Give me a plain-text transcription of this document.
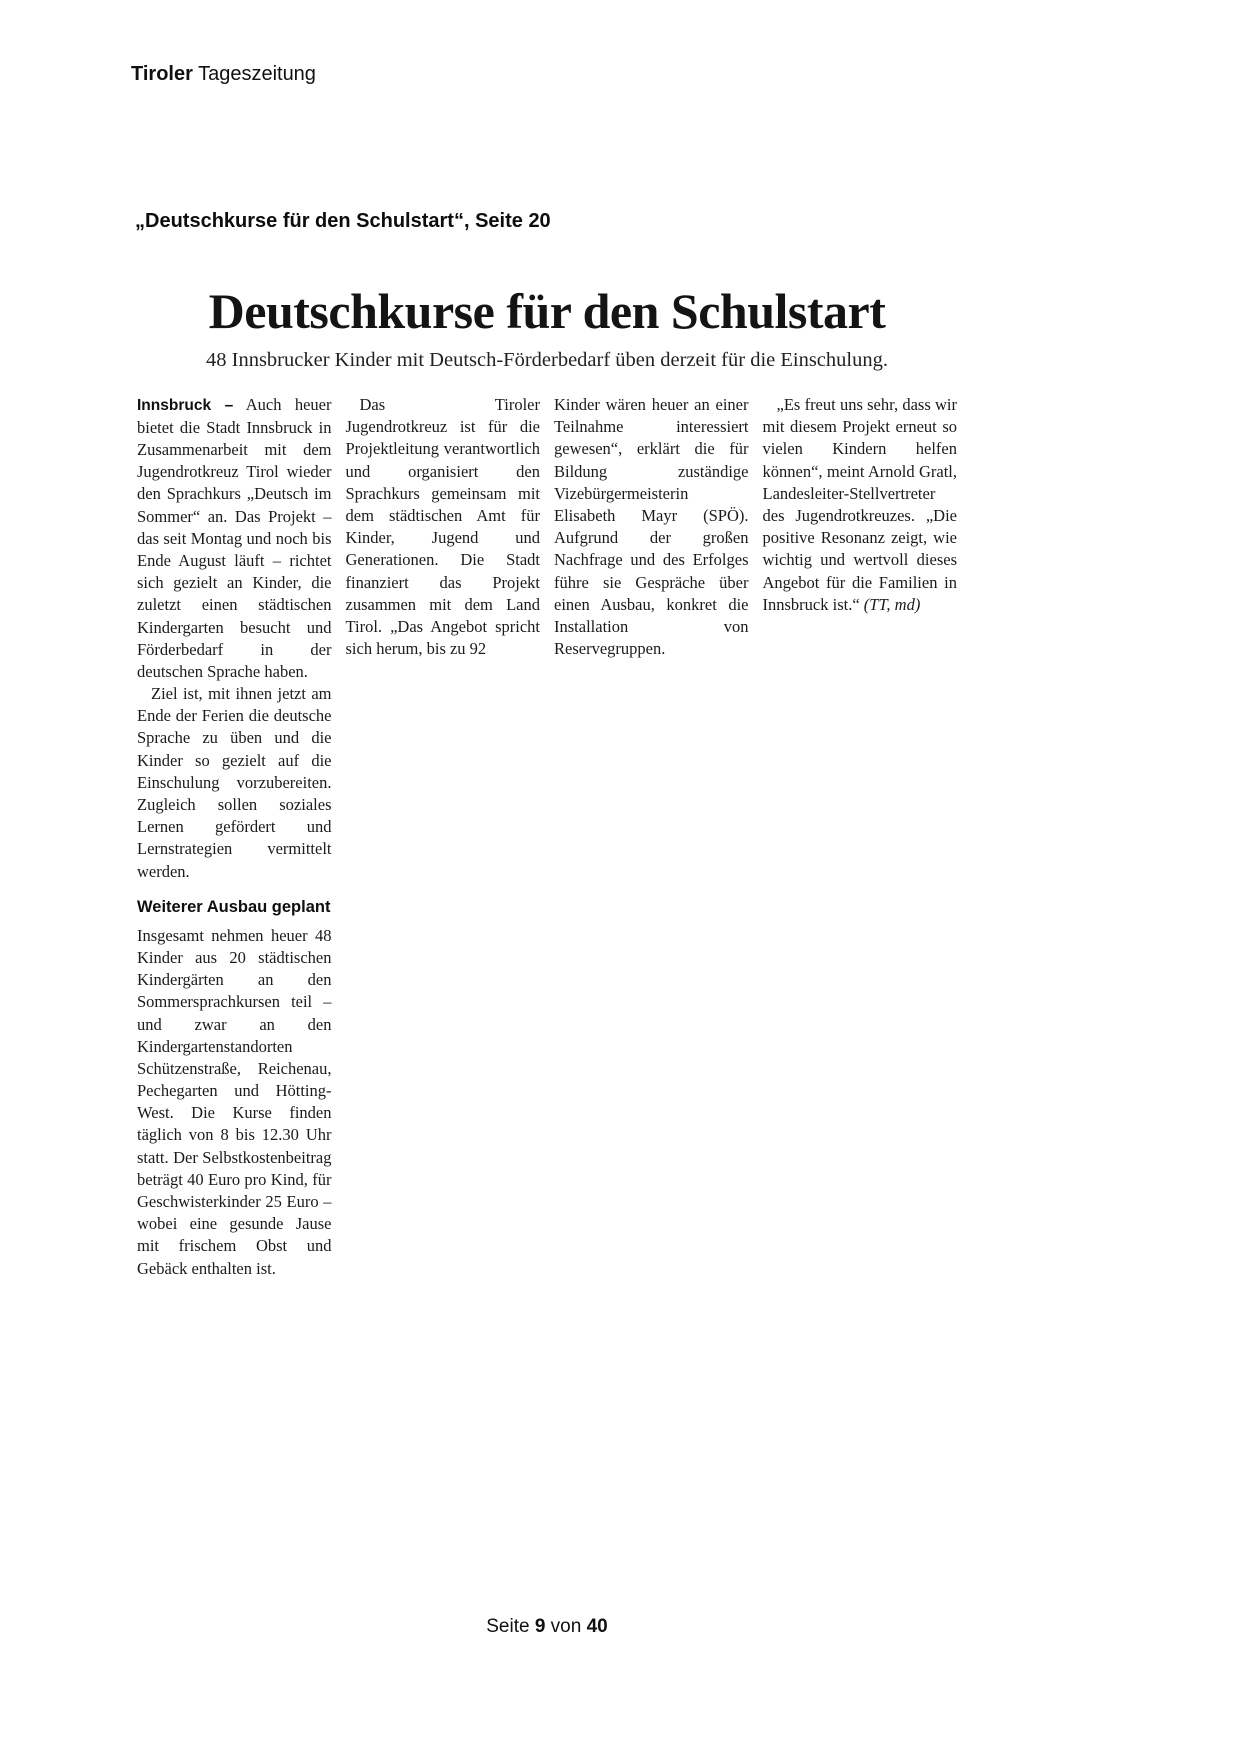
Tiroler Tageszeitung
„Deutschkurse für den Schulstart“, Seite 20
Deutschkurse für den Schulstart
48 Innsbrucker Kinder mit Deutsch-Förderbedarf üben derzeit für die Einschulung.

Innsbruck – Auch heuer bietet die Stadt Innsbruck in Zusammenarbeit mit dem Jugendrotkreuz Tirol wieder den Sprachkurs „Deutsch im Sommer“ an. Das Projekt – das seit Montag und noch bis Ende August läuft – richtet sich gezielt an Kinder, die zuletzt einen städtischen Kindergarten besucht und Förderbedarf in der deutschen Sprache haben.

Ziel ist, mit ihnen jetzt am Ende der Ferien die deutsche Sprache zu üben und die Kinder so gezielt auf die Einschulung vorzubereiten. Zugleich sollen soziales Lernen gefördert und Lernstrategien vermittelt werden.

Weiterer Ausbau geplant

Insgesamt nehmen heuer 48 Kinder aus 20 städtischen Kindergärten an den Sommersprachkursen teil – und zwar an den Kindergartenstandorten Schützenstraße, Reichenau, Pechegarten und Hötting-West. Die Kurse finden täglich von 8 bis 12.30 Uhr statt. Der Selbstkostenbeitrag beträgt 40 Euro pro Kind, für Geschwisterkinder 25 Euro – wobei eine gesunde Jause mit frischem Obst und Gebäck enthalten ist.

Das Tiroler Jugendrotkreuz ist für die Projektleitung verantwortlich und organisiert den Sprachkurs gemeinsam mit dem städtischen Amt für Kinder, Jugend und Generationen. Die Stadt finanziert das Projekt zusammen mit dem Land Tirol. „Das Angebot spricht sich herum, bis zu 92

Kinder wären heuer an einer Teilnahme interessiert gewesen“, erklärt die für Bildung zuständige Vizebürgermeisterin Elisabeth Mayr (SPÖ). Aufgrund der großen Nachfrage und des Erfolges führe sie Gespräche über einen Ausbau, konkret die Installation von Reservegruppen.

„Es freut uns sehr, dass wir mit diesem Projekt erneut so vielen Kindern helfen können“, meint Arnold Gratl, Landesleiter-Stellvertreter des Jugendrotkreuzes. „Die positive Resonanz zeigt, wie wichtig und wertvoll dieses Angebot für die Familien in Innsbruck ist.“ (TT, md)

Seite 9 von 40
